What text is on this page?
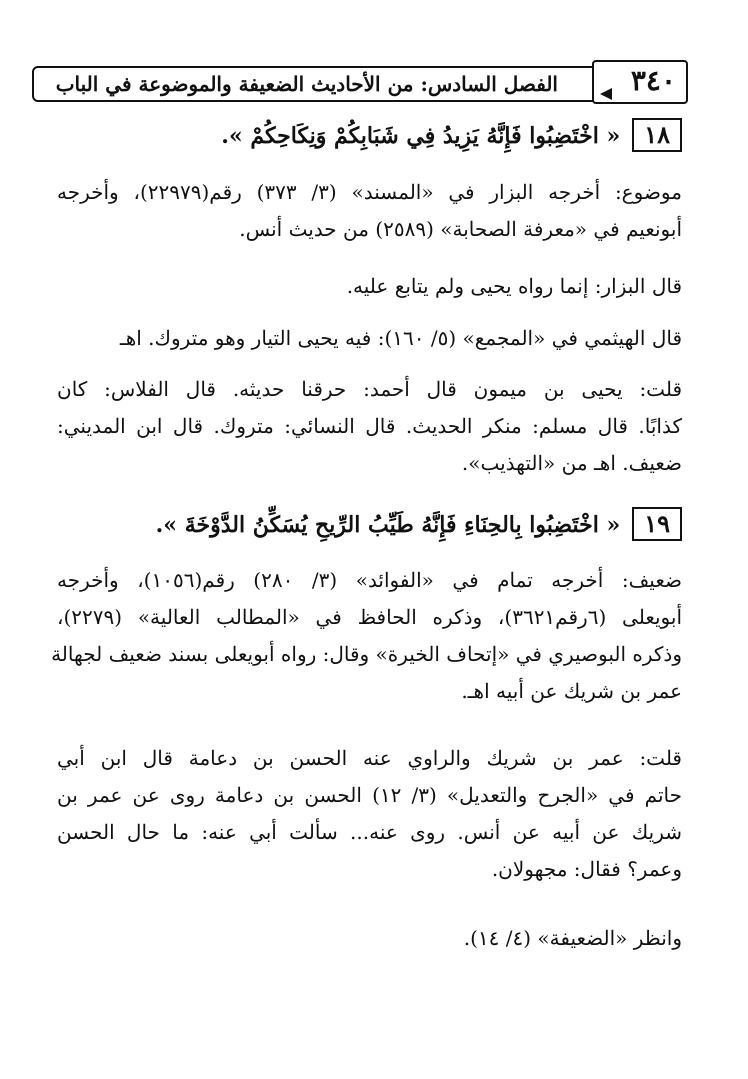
الفصل السادس: من الأحاديث الضعيفة والموضوعة في الباب	٣٤٠
١٨« اخْتَضِبُوا فَإِنَّهُ يَزِيدُ فِي شَبَابِكُمْ وَنِكَاحِكُمْ ».
موضوع: أخرجه البزار في «المسند» (٣/ ٣٧٣) رقم(٢٢٩٧٩)، وأخرجه
أبونعيم في «معرفة الصحابة» (٢٥٨٩) من حديث أنس.
قال البزار: إنما رواه يحيى ولم يتابع عليه.
قال الهيثمي في «المجمع» (٥/ ١٦٠): فيه يحيى التيار وهو متروك. اهـ
قلت: يحيى بن ميمون قال أحمد: حرقنا حديثه. قال الفلاس: كان
كذابًا. قال مسلم: منكر الحديث. قال النسائي: متروك. قال ابن المديني:
ضعيف. اهـ من «التهذيب».
١٩« اخْتَضِبُوا بِالحِنَاءِ فَإِنَّهُ طَيِّبُ الرِّيحِ يُسَكِّنُ الدَّوْخَةَ ».
ضعيف: أخرجه تمام في «الفوائد» (٣/ ٢٨٠) رقم(١٠٥٦)، وأخرجه
أبويعلى (٦رقم٣٦٢١)، وذكره الحافظ في «المطالب العالية» (٢٢٧٩)،
وذكره البوصيري في «إتحاف الخيرة» وقال: رواه أبويعلى بسند ضعيف لجهالة
عمر بن شريك عن أبيه اهـ.
قلت: عمر بن شريك والراوي عنه الحسن بن دعامة قال ابن أبي
حاتم في «الجرح والتعديل» (٣/ ١٢) الحسن بن دعامة روى عن عمر بن
شريك عن أبيه عن أنس. روى عنه... سألت أبي عنه: ما حال الحسن
وعمر؟ فقال: مجهولان.
وانظر «الضعيفة» (٤/ ١٤).
